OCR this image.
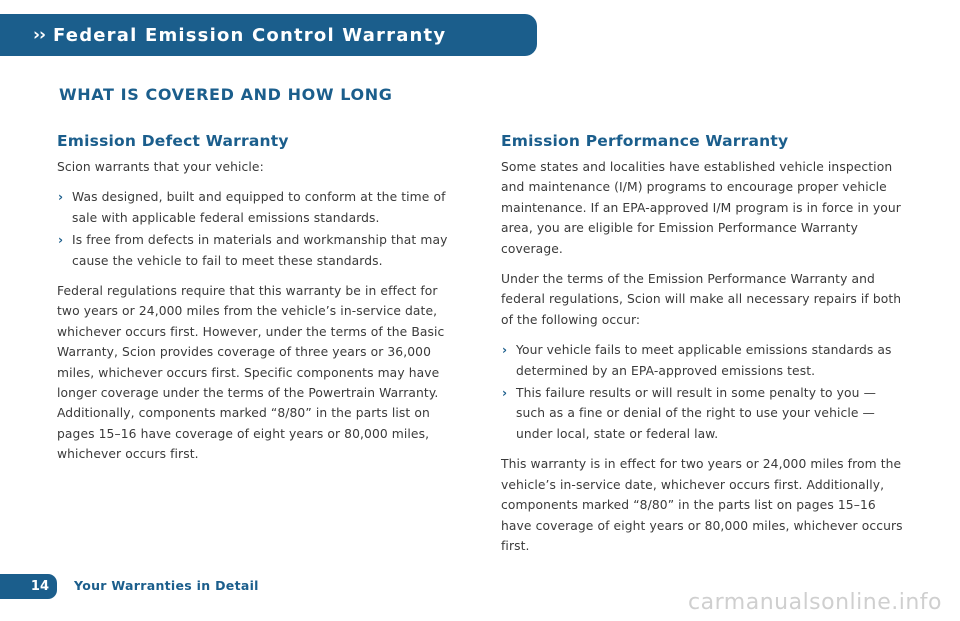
›› Federal Emission Control Warranty
WHAT IS COVERED AND HOW LONG
Emission Defect Warranty

Scion warrants that your vehicle:

› Was designed, built and equipped to conform at the time of sale with applicable federal emissions standards.
› Is free from defects in materials and workmanship that may cause the vehicle to fail to meet these standards.

Federal regulations require that this warranty be in effect for two years or 24,000 miles from the vehicle’s in-service date, whichever occurs first. However, under the terms of the Basic Warranty, Scion provides coverage of three years or 36,000 miles, whichever occurs first. Specific components may have longer coverage under the terms of the Powertrain Warranty. Additionally, components marked “8/80” in the parts list on pages 15–16 have coverage of eight years or 80,000 miles, whichever occurs first.

Emission Performance Warranty

Some states and localities have established vehicle inspection and maintenance (I/M) programs to encourage proper vehicle maintenance. If an EPA-approved I/M program is in force in your area, you are eligible for Emission Performance Warranty coverage.

Under the terms of the Emission Performance Warranty and federal regulations, Scion will make all necessary repairs if both of the following occur:

› Your vehicle fails to meet applicable emissions standards as determined by an EPA-approved emissions test.
› This failure results or will result in some penalty to you — such as a fine or denial of the right to use your vehicle — under local, state or federal law.

This warranty is in effect for two years or 24,000 miles from the vehicle’s in-service date, whichever occurs first. Additionally, components marked “8/80” in the parts list on pages 15–16 have coverage of eight years or 80,000 miles, whichever occurs first.

14 Your Warranties in Detail
carmanualsonline.info
